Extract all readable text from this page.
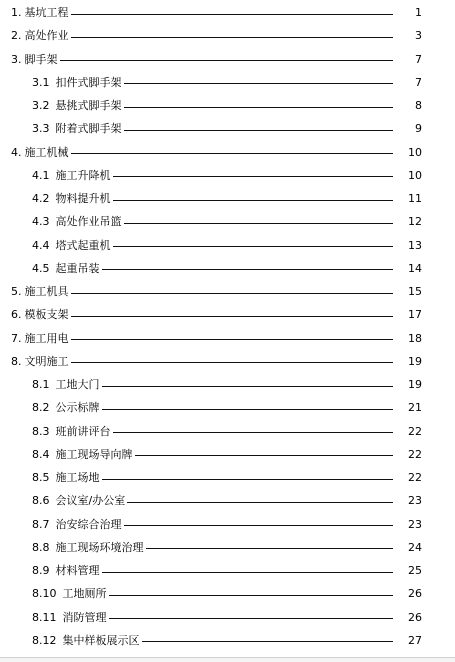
1. 基坑工程	1
2. 高处作业	3
3. 脚手架	7
3.1 扣件式脚手架	7
3.2 悬挑式脚手架	8
3.3 附着式脚手架	9
4. 施工机械	10
4.1 施工升降机	10
4.2 物料提升机	11
4.3 高处作业吊篮	12
4.4 塔式起重机	13
4.5 起重吊装	14
5. 施工机具	15
6. 模板支架	17
7. 施工用电	18
8. 文明施工	19
8.1 工地大门	19
8.2 公示标牌	21
8.3 班前讲评台	22
8.4 施工现场导向牌	22
8.5 施工场地	22
8.6 会议室/办公室	23
8.7 治安综合治理	23
8.8 施工现场环境治理	24
8.9 材料管理	25
8.10 工地厕所	26
8.11 消防管理	26
8.12 集中样板展示区	27
